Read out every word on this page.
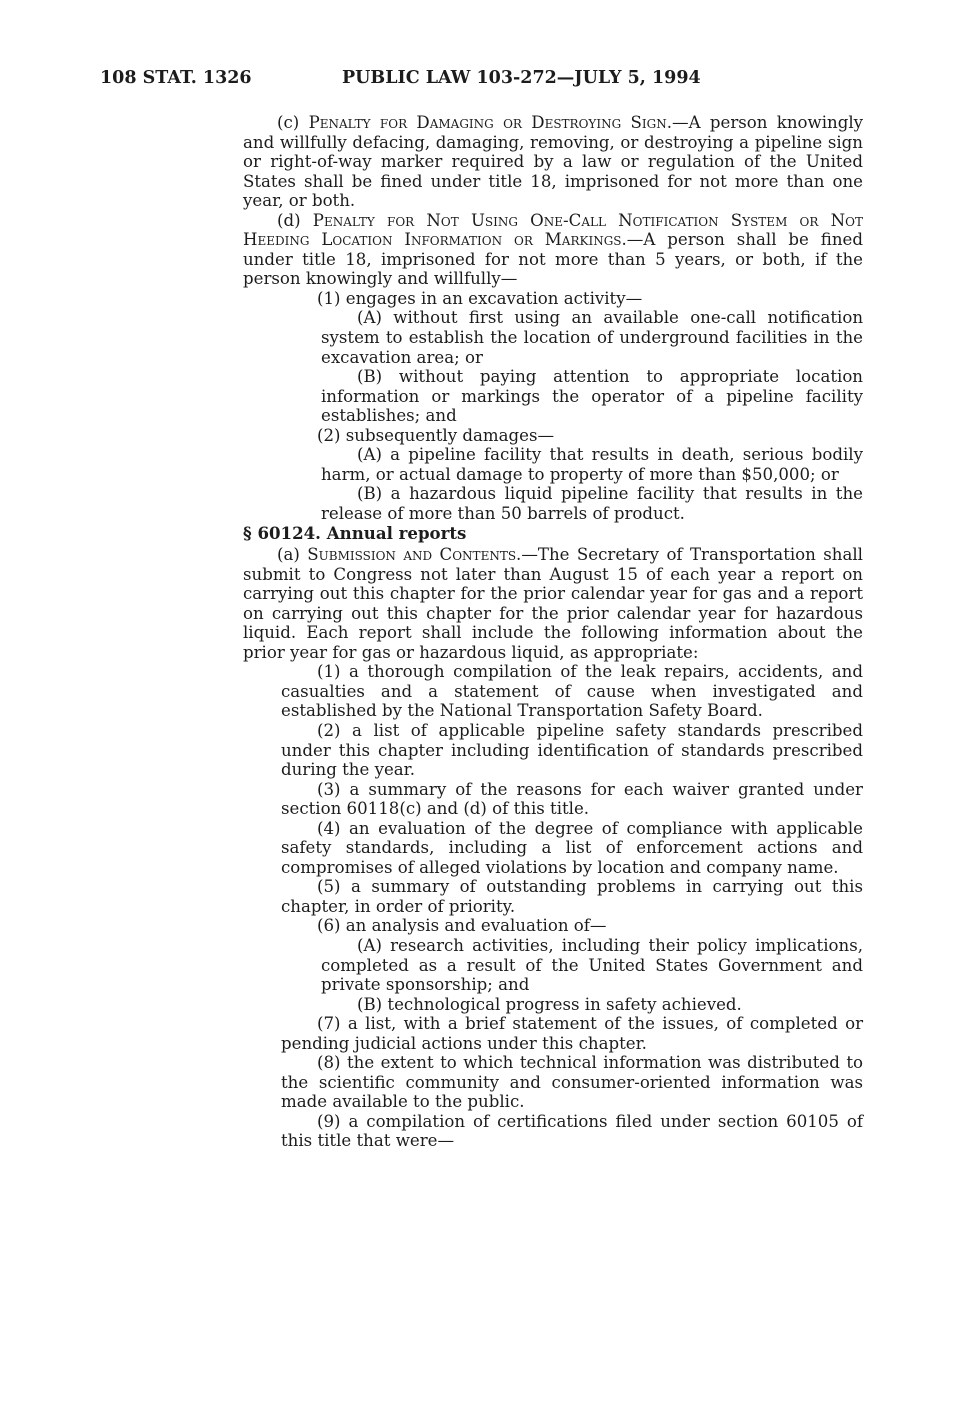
108 STAT. 1326	PUBLIC LAW 103-272—JULY 5, 1994

(c) Penalty for Damaging or Destroying Sign.—A person knowingly and willfully defacing, damaging, removing, or destroying a pipeline sign or right-of-way marker required by a law or regulation of the United States shall be fined under title 18, imprisoned for not more than one year, or both.

(d) Penalty for Not Using One-Call Notification System or Not Heeding Location Information or Markings.—A person shall be fined under title 18, imprisoned for not more than 5 years, or both, if the person knowingly and willfully—

(1) engages in an excavation activity—

(A) without first using an available one-call notification system to establish the location of underground facilities in the excavation area; or

(B) without paying attention to appropriate location information or markings the operator of a pipeline facility establishes; and

(2) subsequently damages—

(A) a pipeline facility that results in death, serious bodily harm, or actual damage to property of more than $50,000; or

(B) a hazardous liquid pipeline facility that results in the release of more than 50 barrels of product.

§ 60124. Annual reports

(a) Submission and Contents.—The Secretary of Transportation shall submit to Congress not later than August 15 of each year a report on carrying out this chapter for the prior calendar year for gas and a report on carrying out this chapter for the prior calendar year for hazardous liquid. Each report shall include the following information about the prior year for gas or hazardous liquid, as appropriate:

(1) a thorough compilation of the leak repairs, accidents, and casualties and a statement of cause when investigated and established by the National Transportation Safety Board.

(2) a list of applicable pipeline safety standards prescribed under this chapter including identification of standards prescribed during the year.

(3) a summary of the reasons for each waiver granted under section 60118(c) and (d) of this title.

(4) an evaluation of the degree of compliance with applicable safety standards, including a list of enforcement actions and compromises of alleged violations by location and company name.

(5) a summary of outstanding problems in carrying out this chapter, in order of priority.

(6) an analysis and evaluation of—

(A) research activities, including their policy implications, completed as a result of the United States Government and private sponsorship; and

(B) technological progress in safety achieved.

(7) a list, with a brief statement of the issues, of completed or pending judicial actions under this chapter.

(8) the extent to which technical information was distributed to the scientific community and consumer-oriented information was made available to the public.

(9) a compilation of certifications filed under section 60105 of this title that were—
